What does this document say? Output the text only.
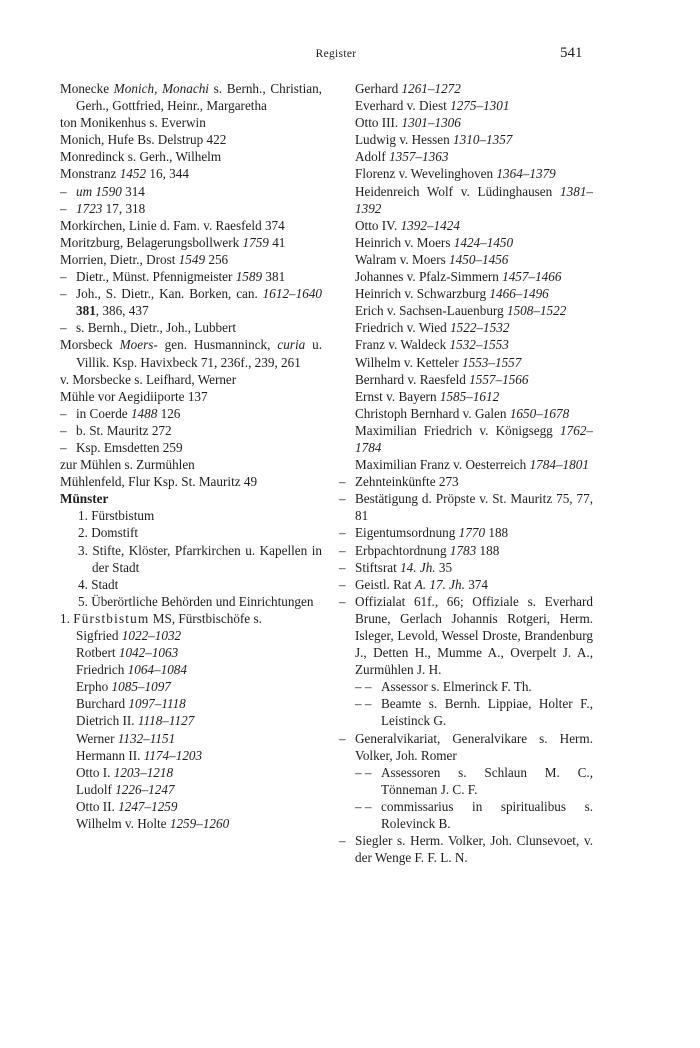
Register	541

Monecke Monich, Monachi s. Bernh., Christian, Gerh., Gottfried, Heinr., Margaretha

ton Monikenhus s. Everwin

Monich, Hufe Bs. Delstrup 422

Monredinck s. Gerh., Wilhelm

Monstranz 1452 16, 344

– um 1590 314

– 1723 17, 318

Morkirchen, Linie d. Fam. v. Raesfeld 374

Moritzburg, Belagerungsbollwerk 1759 41

Morrien, Dietr., Drost 1549 256

– Dietr., Münst. Pfennigmeister 1589 381

– Joh., S. Dietr., Kan. Borken, can. 1612–1640 381, 386, 437

– s. Bernh., Dietr., Joh., Lubbert

Morsbeck Moers- gen. Husmanninck, curia u. Villik. Ksp. Havixbeck 71, 236f., 239, 261

v. Morsbecke s. Leifhard, Werner

Mühle vor Aegidiiporte 137

– in Coerde 1488 126

– b. St. Mauritz 272

– Ksp. Emsdetten 259

zur Mühlen s. Zurmühlen

Mühlenfeld, Flur Ksp. St. Mauritz 49

Münster

1. Fürstbistum

2. Domstift

3. Stifte, Klöster, Pfarrkirchen u. Kapellen in der Stadt

4. Stadt

5. Überörtliche Behörden und Einrichtungen

1. Fürstbistum MS, Fürstbischöfe s.

Sigfried 1022–1032

Rotbert 1042–1063

Friedrich 1064–1084

Erpho 1085–1097

Burchard 1097–1118

Dietrich II. 1118–1127

Werner 1132–1151

Hermann II. 1174–1203

Otto I. 1203–1218

Ludolf 1226–1247

Otto II. 1247–1259

Wilhelm v. Holte 1259–1260

Gerhard 1261–1272

Everhard v. Diest 1275–1301

Otto III. 1301–1306

Ludwig v. Hessen 1310–1357

Adolf 1357–1363

Florenz v. Wevelinghoven 1364–1379

Heidenreich Wolf v. Lüdinghausen 1381–1392

Otto IV. 1392–1424

Heinrich v. Moers 1424–1450

Walram v. Moers 1450–1456

Johannes v. Pfalz-Simmern 1457–1466

Heinrich v. Schwarzburg 1466–1496

Erich v. Sachsen-Lauenburg 1508–1522

Friedrich v. Wied 1522–1532

Franz v. Waldeck 1532–1553

Wilhelm v. Ketteler 1553–1557

Bernhard v. Raesfeld 1557–1566

Ernst v. Bayern 1585–1612

Christoph Bernhard v. Galen 1650–1678

Maximilian Friedrich v. Königsegg 1762–1784

Maximilian Franz v. Oesterreich 1784–1801

– Zehnteinkünfte 273

– Bestätigung d. Pröpste v. St. Mauritz 75, 77, 81

– Eigentumsordnung 1770 188

– Erbpachtordnung 1783 188

– Stiftsrat 14. Jh. 35

– Geistl. Rat A. 17. Jh. 374

– Offizialat 61f., 66; Offiziale s. Everhard Brune, Gerlach Johannis Rotgeri, Herm. Isleger, Levold, Wessel Droste, Brandenburg J., Detten H., Mumme A., Overpelt J. A., Zurmühlen J. H.

– – Assessor s. Elmerinck F. Th.

– – Beamte s. Bernh. Lippiae, Holter F., Leistinck G.

– Generalvikariat, Generalvikare s. Herm. Volker, Joh. Romer

– – Assessoren s. Schlaun M. C., Tönneman J. C. F.

– – commissarius in spiritualibus s. Rolevinck B.

– Siegler s. Herm. Volker, Joh. Clunsevoet, v. der Wenge F. F. L. N.
